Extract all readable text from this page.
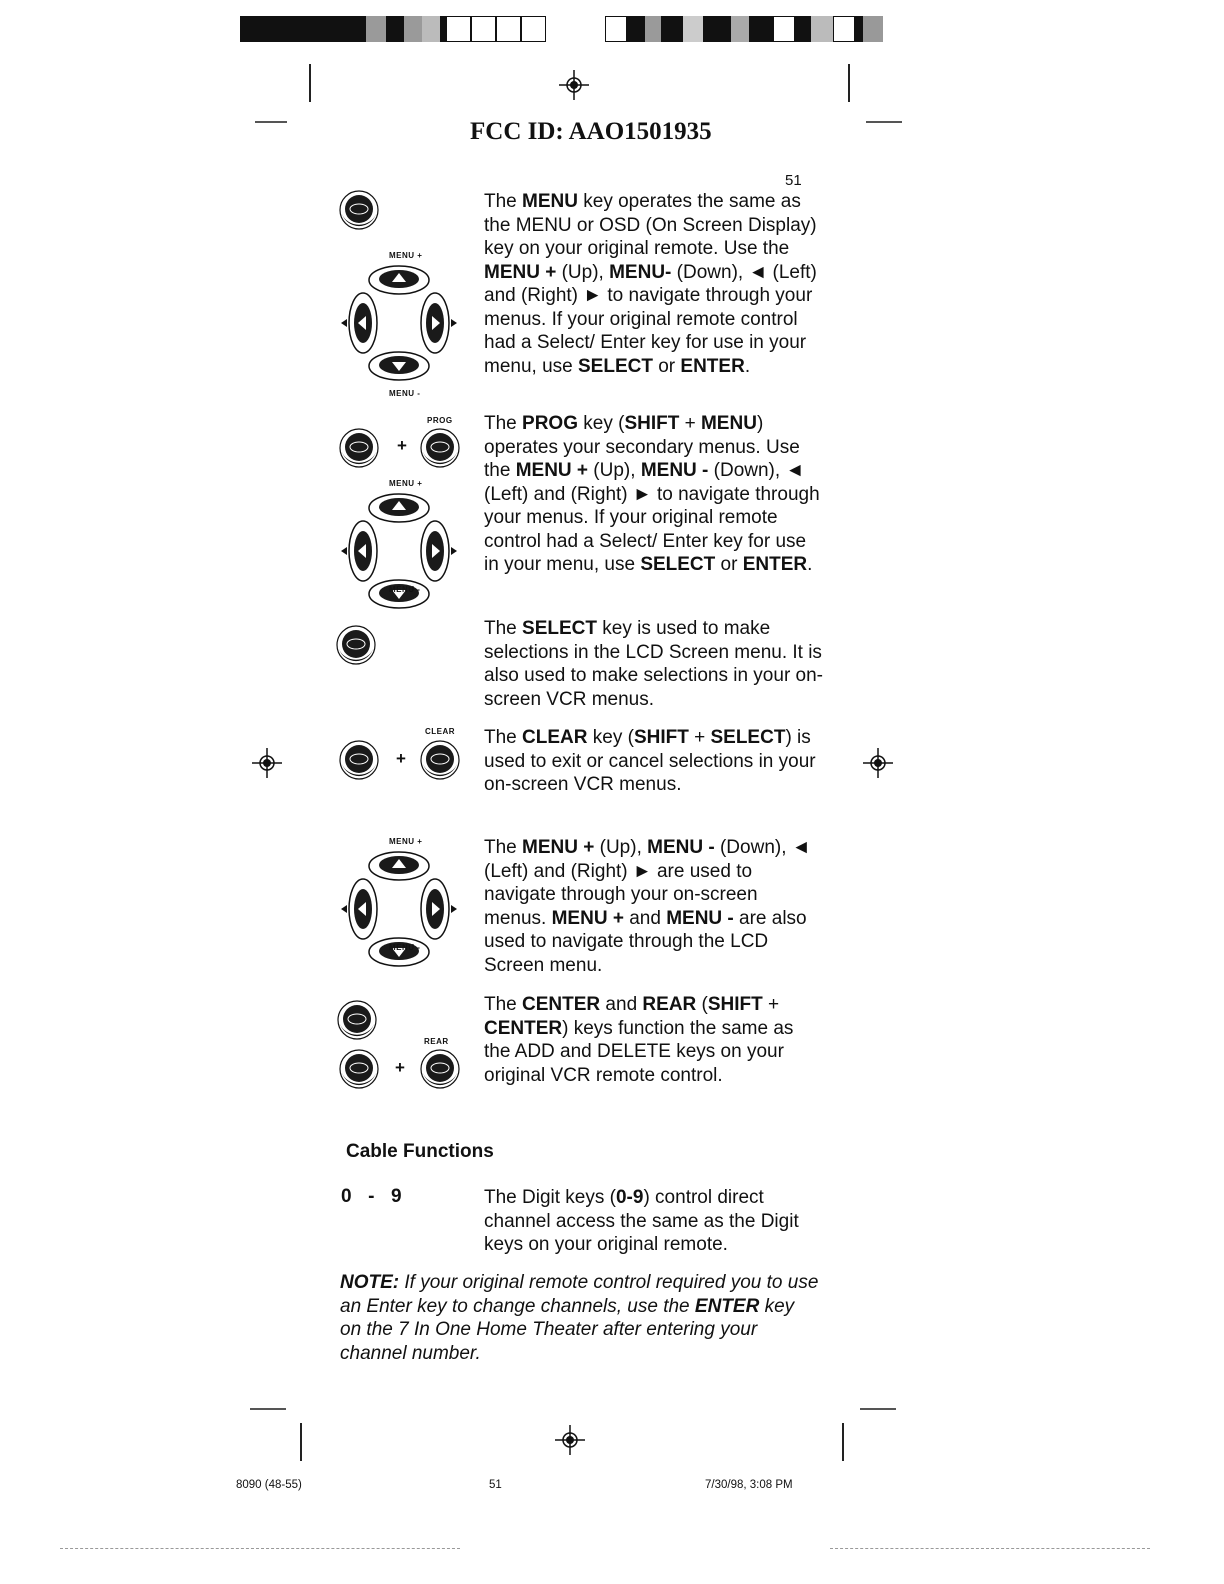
FCC ID: AAO1501935
51
MENU +
MENU -
The MENU key operates the same as the MENU or OSD (On Screen Display) key on your original remote. Use the MENU + (Up), MENU- (Down), ◄ (Left) and (Right) ► to navigate through your menus. If your original remote control had a Select/ Enter key for use in your menu, use SELECT or ENTER.
PROG
+
MENU +
MENU -
The PROG key (SHIFT + MENU) operates your secondary menus. Use the MENU + (Up), MENU - (Down), ◄ (Left) and (Right) ► to navigate through your menus. If your original remote control had a Select/ Enter key for use in your menu, use SELECT or ENTER.
The SELECT key is used to make selections in the LCD Screen menu. It is also used to make selections in your on-screen VCR menus.
CLEAR
+
The CLEAR key (SHIFT + SELECT) is used to exit or cancel selections in your on-screen VCR menus.
MENU +
MENU -
The MENU + (Up), MENU - (Down), ◄ (Left) and (Right) ► are used to navigate through your on-screen menus. MENU + and MENU - are also used to navigate through the LCD Screen menu.
REAR
+
The CENTER and REAR (SHIFT + CENTER) keys function the same as the ADD and DELETE keys on your original VCR remote control.
Cable Functions
0  -  9	The Digit keys (0-9) control direct channel access the same as the Digit keys on your original remote.
NOTE: If your original remote control required you to use an Enter key to change channels, use the ENTER key on the 7 In One Home Theater after entering your channel number.
8090 (48-55)	51	7/30/98, 3:08 PM
